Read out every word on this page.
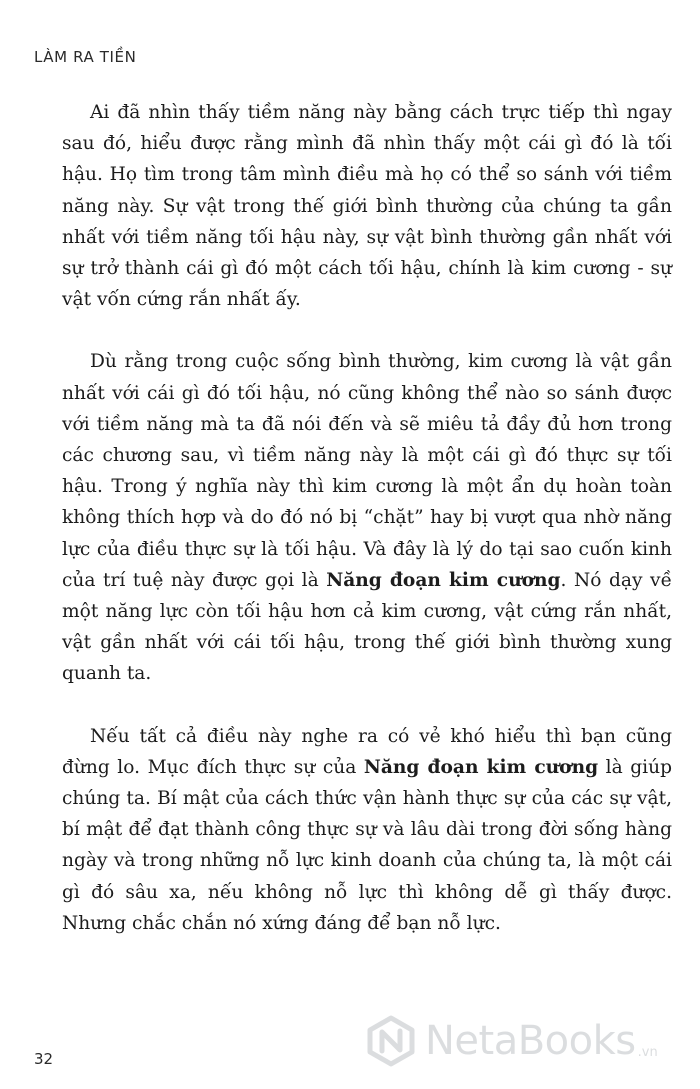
LÀM RA TIỀN

Ai đã nhìn thấy tiềm năng này bằng cách trực tiếp thì ngay sau đó, hiểu được rằng mình đã nhìn thấy một cái gì đó là tối hậu. Họ tìm trong tâm mình điều mà họ có thể so sánh với tiềm năng này. Sự vật trong thế giới bình thường của chúng ta gần nhất với tiềm năng tối hậu này, sự vật bình thường gần nhất với sự trở thành cái gì đó một cách tối hậu, chính là kim cương - sự vật vốn cứng rắn nhất ấy.

Dù rằng trong cuộc sống bình thường, kim cương là vật gần nhất với cái gì đó tối hậu, nó cũng không thể nào so sánh được với tiềm năng mà ta đã nói đến và sẽ miêu tả đầy đủ hơn trong các chương sau, vì tiềm năng này là một cái gì đó thực sự tối hậu. Trong ý nghĩa này thì kim cương là một ẩn dụ hoàn toàn không thích hợp và do đó nó bị “chặt” hay bị vượt qua nhờ năng lực của điều thực sự là tối hậu. Và đây là lý do tại sao cuốn kinh của trí tuệ này được gọi là Năng đoạn kim cương. Nó dạy về một năng lực còn tối hậu hơn cả kim cương, vật cứng rắn nhất, vật gần nhất với cái tối hậu, trong thế giới bình thường xung quanh ta.

Nếu tất cả điều này nghe ra có vẻ khó hiểu thì bạn cũng đừng lo. Mục đích thực sự của Năng đoạn kim cương là giúp chúng ta. Bí mật của cách thức vận hành thực sự của các sự vật, bí mật để đạt thành công thực sự và lâu dài trong đời sống hàng ngày và trong những nỗ lực kinh doanh của chúng ta, là một cái gì đó sâu xa, nếu không nỗ lực thì không dễ gì thấy được. Nhưng chắc chắn nó xứng đáng để bạn nỗ lực.

32	NetaBooks .vn
